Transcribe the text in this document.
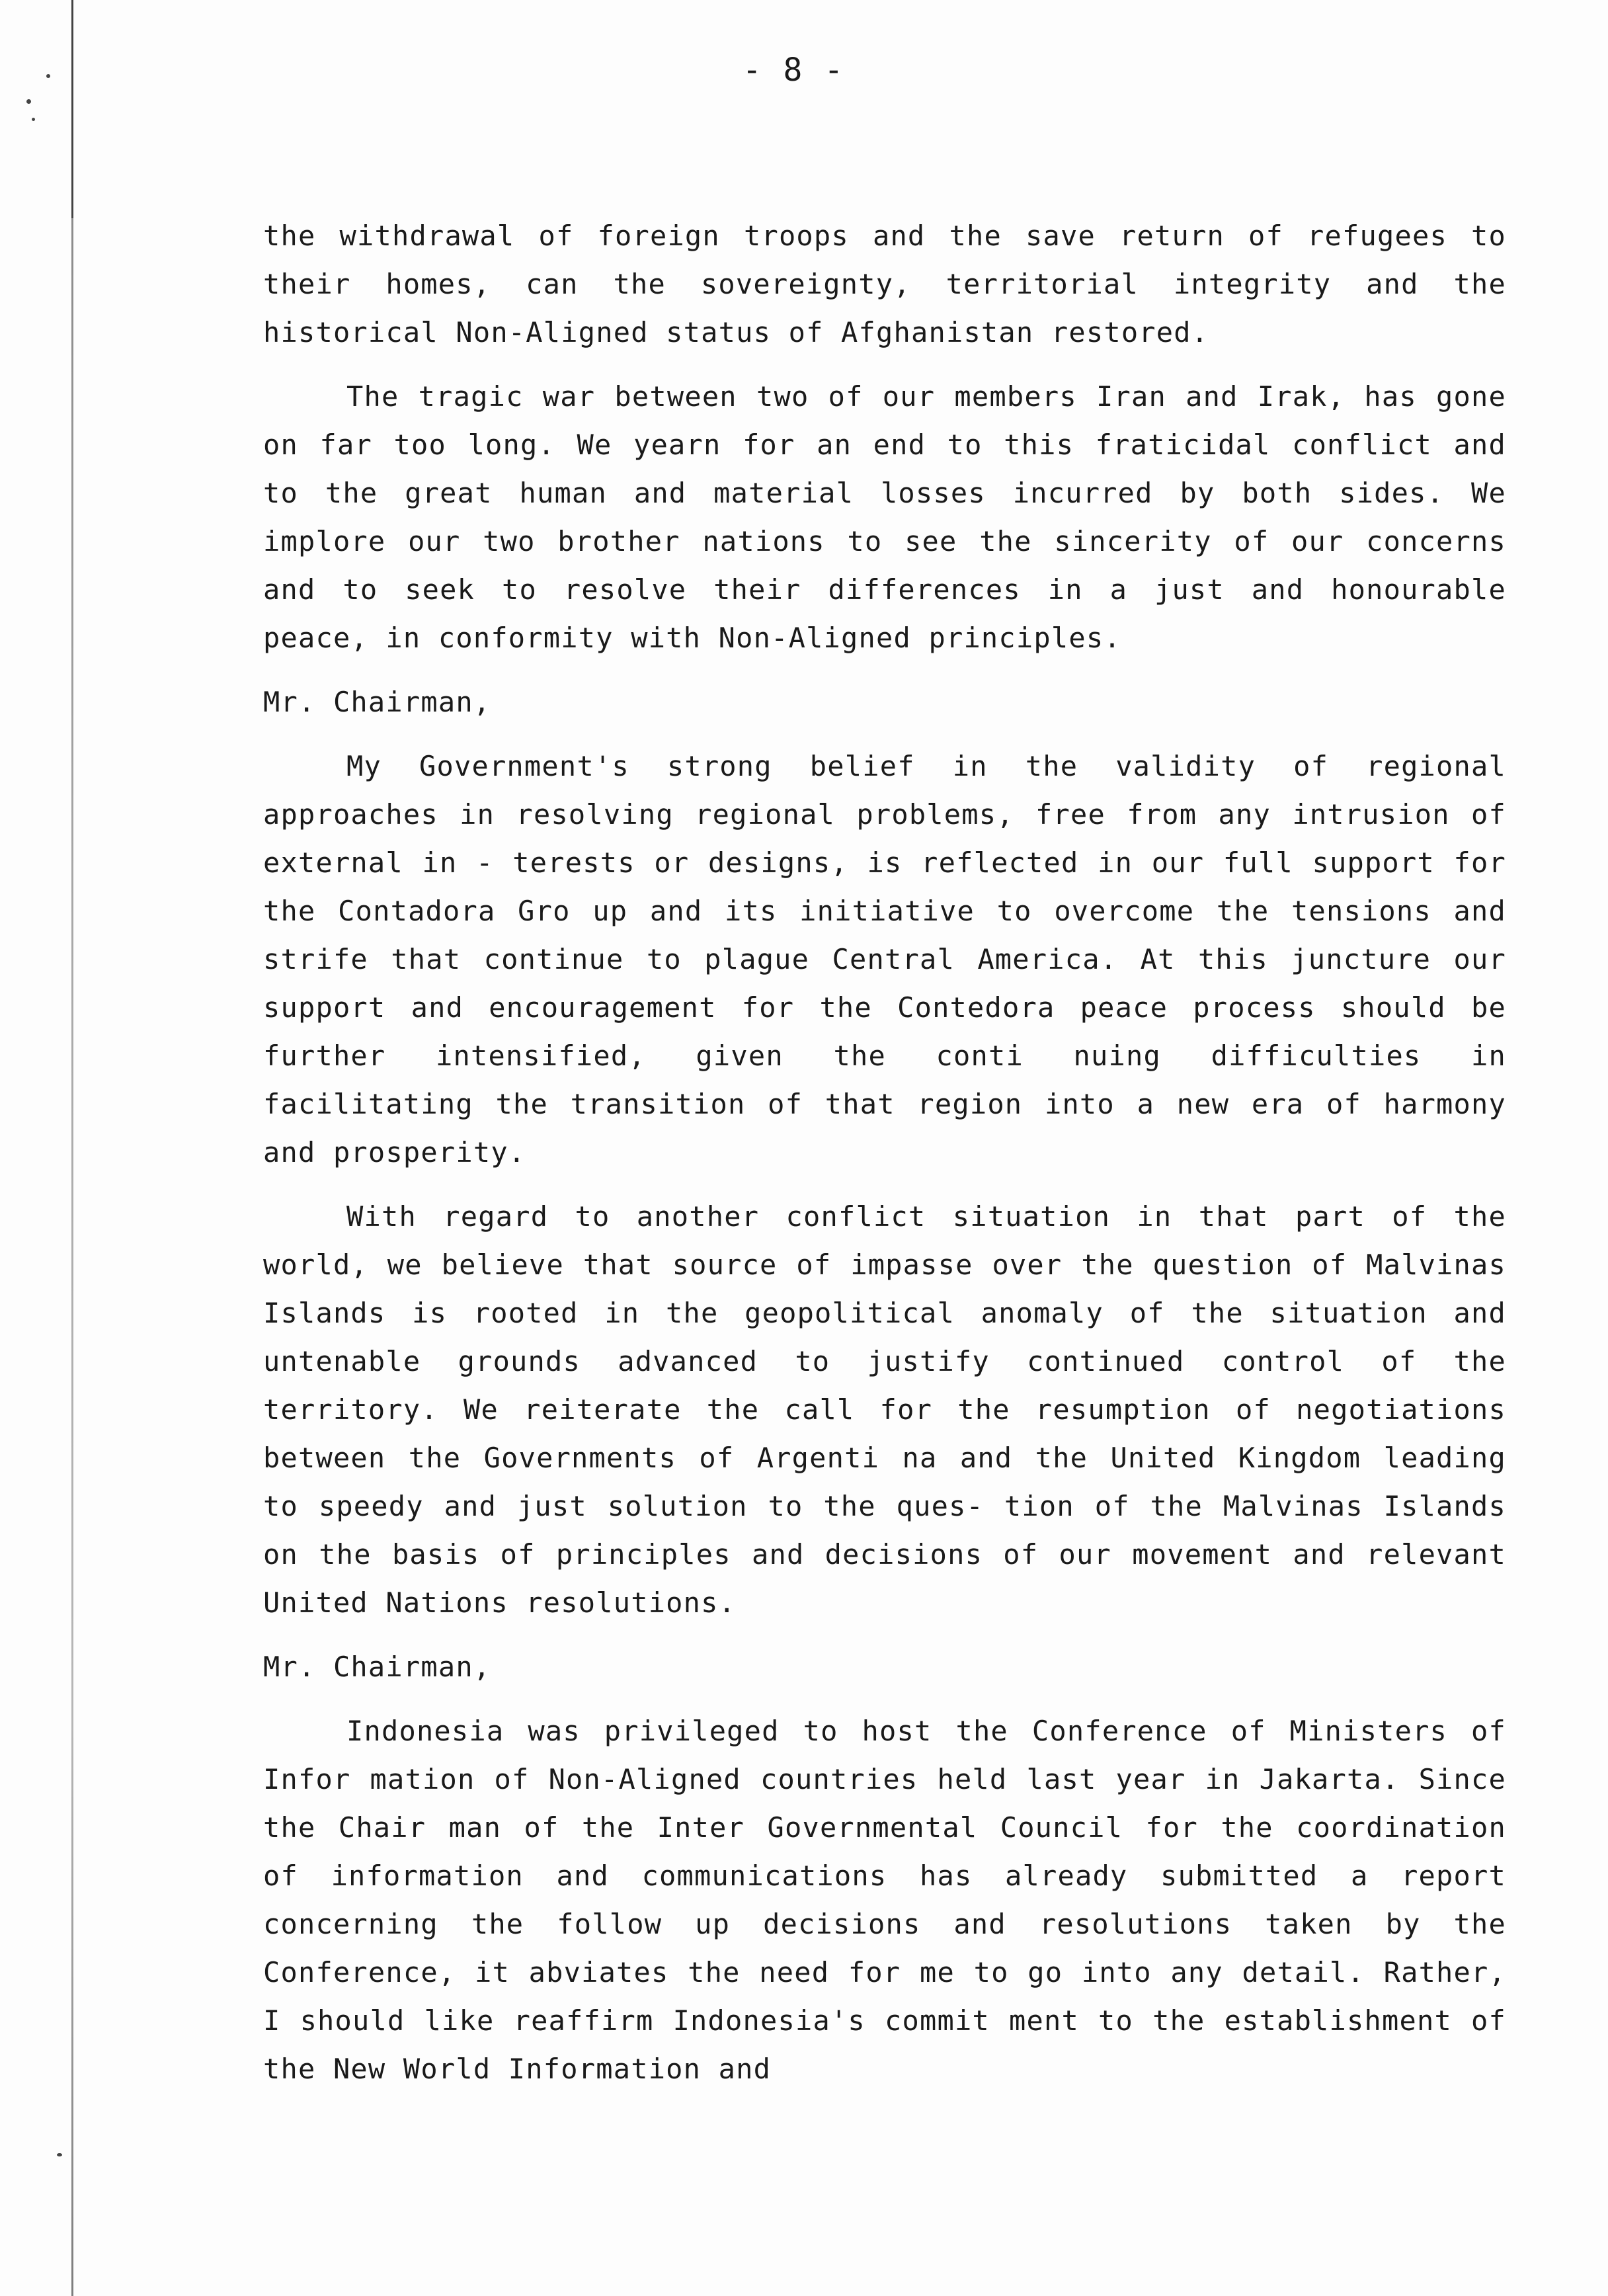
- 8 -

the withdrawal of foreign troops and the save return of refugees to their homes, can the sovereignty, territorial integrity and the historical Non-Aligned status of Afghanistan restored.

The tragic war between two of our members Iran and Irak, has gone on far too long. We yearn for an end to this fraticidal conflict and to the great human and material losses incurred by both sides. We implore our two brother nations to see the sincerity of our concerns and to seek to resolve their differences in a just and honourable peace, in conformity with Non-Aligned principles.

Mr. Chairman,

My Government's strong belief in the validity of regional approaches in resolving regional problems, free from any intrusion of external in - terests or designs, is reflected in our full support for the Contadora Gro up and its initiative to overcome the tensions and strife that continue to plague Central America. At this juncture our support and encouragement for the Contedora peace process should be further intensified, given the conti nuing difficulties in facilitating the transition of that region into a new era of harmony and prosperity.

With regard to another conflict situation in that part of the world, we believe that source of impasse over the question of Malvinas Islands is rooted in the geopolitical anomaly of the situation and untenable grounds advanced to justify continued control of the territory. We reiterate the call for the resumption of negotiations between the Governments of Argenti na and the United Kingdom leading to speedy and just solution to the ques- tion of the Malvinas Islands on the basis of principles and decisions of our movement and relevant United Nations resolutions.

Mr. Chairman,

Indonesia was privileged to host the Conference of Ministers of Infor mation of Non-Aligned countries held last year in Jakarta. Since the Chair man of the Inter Governmental Council for the coordination of information and communications has already submitted a report concerning the follow up decisions and resolutions taken by the Conference, it abviates the need for me to go into any detail. Rather, I should like reaffirm Indonesia's commit ment to the establishment of the New World Information and
